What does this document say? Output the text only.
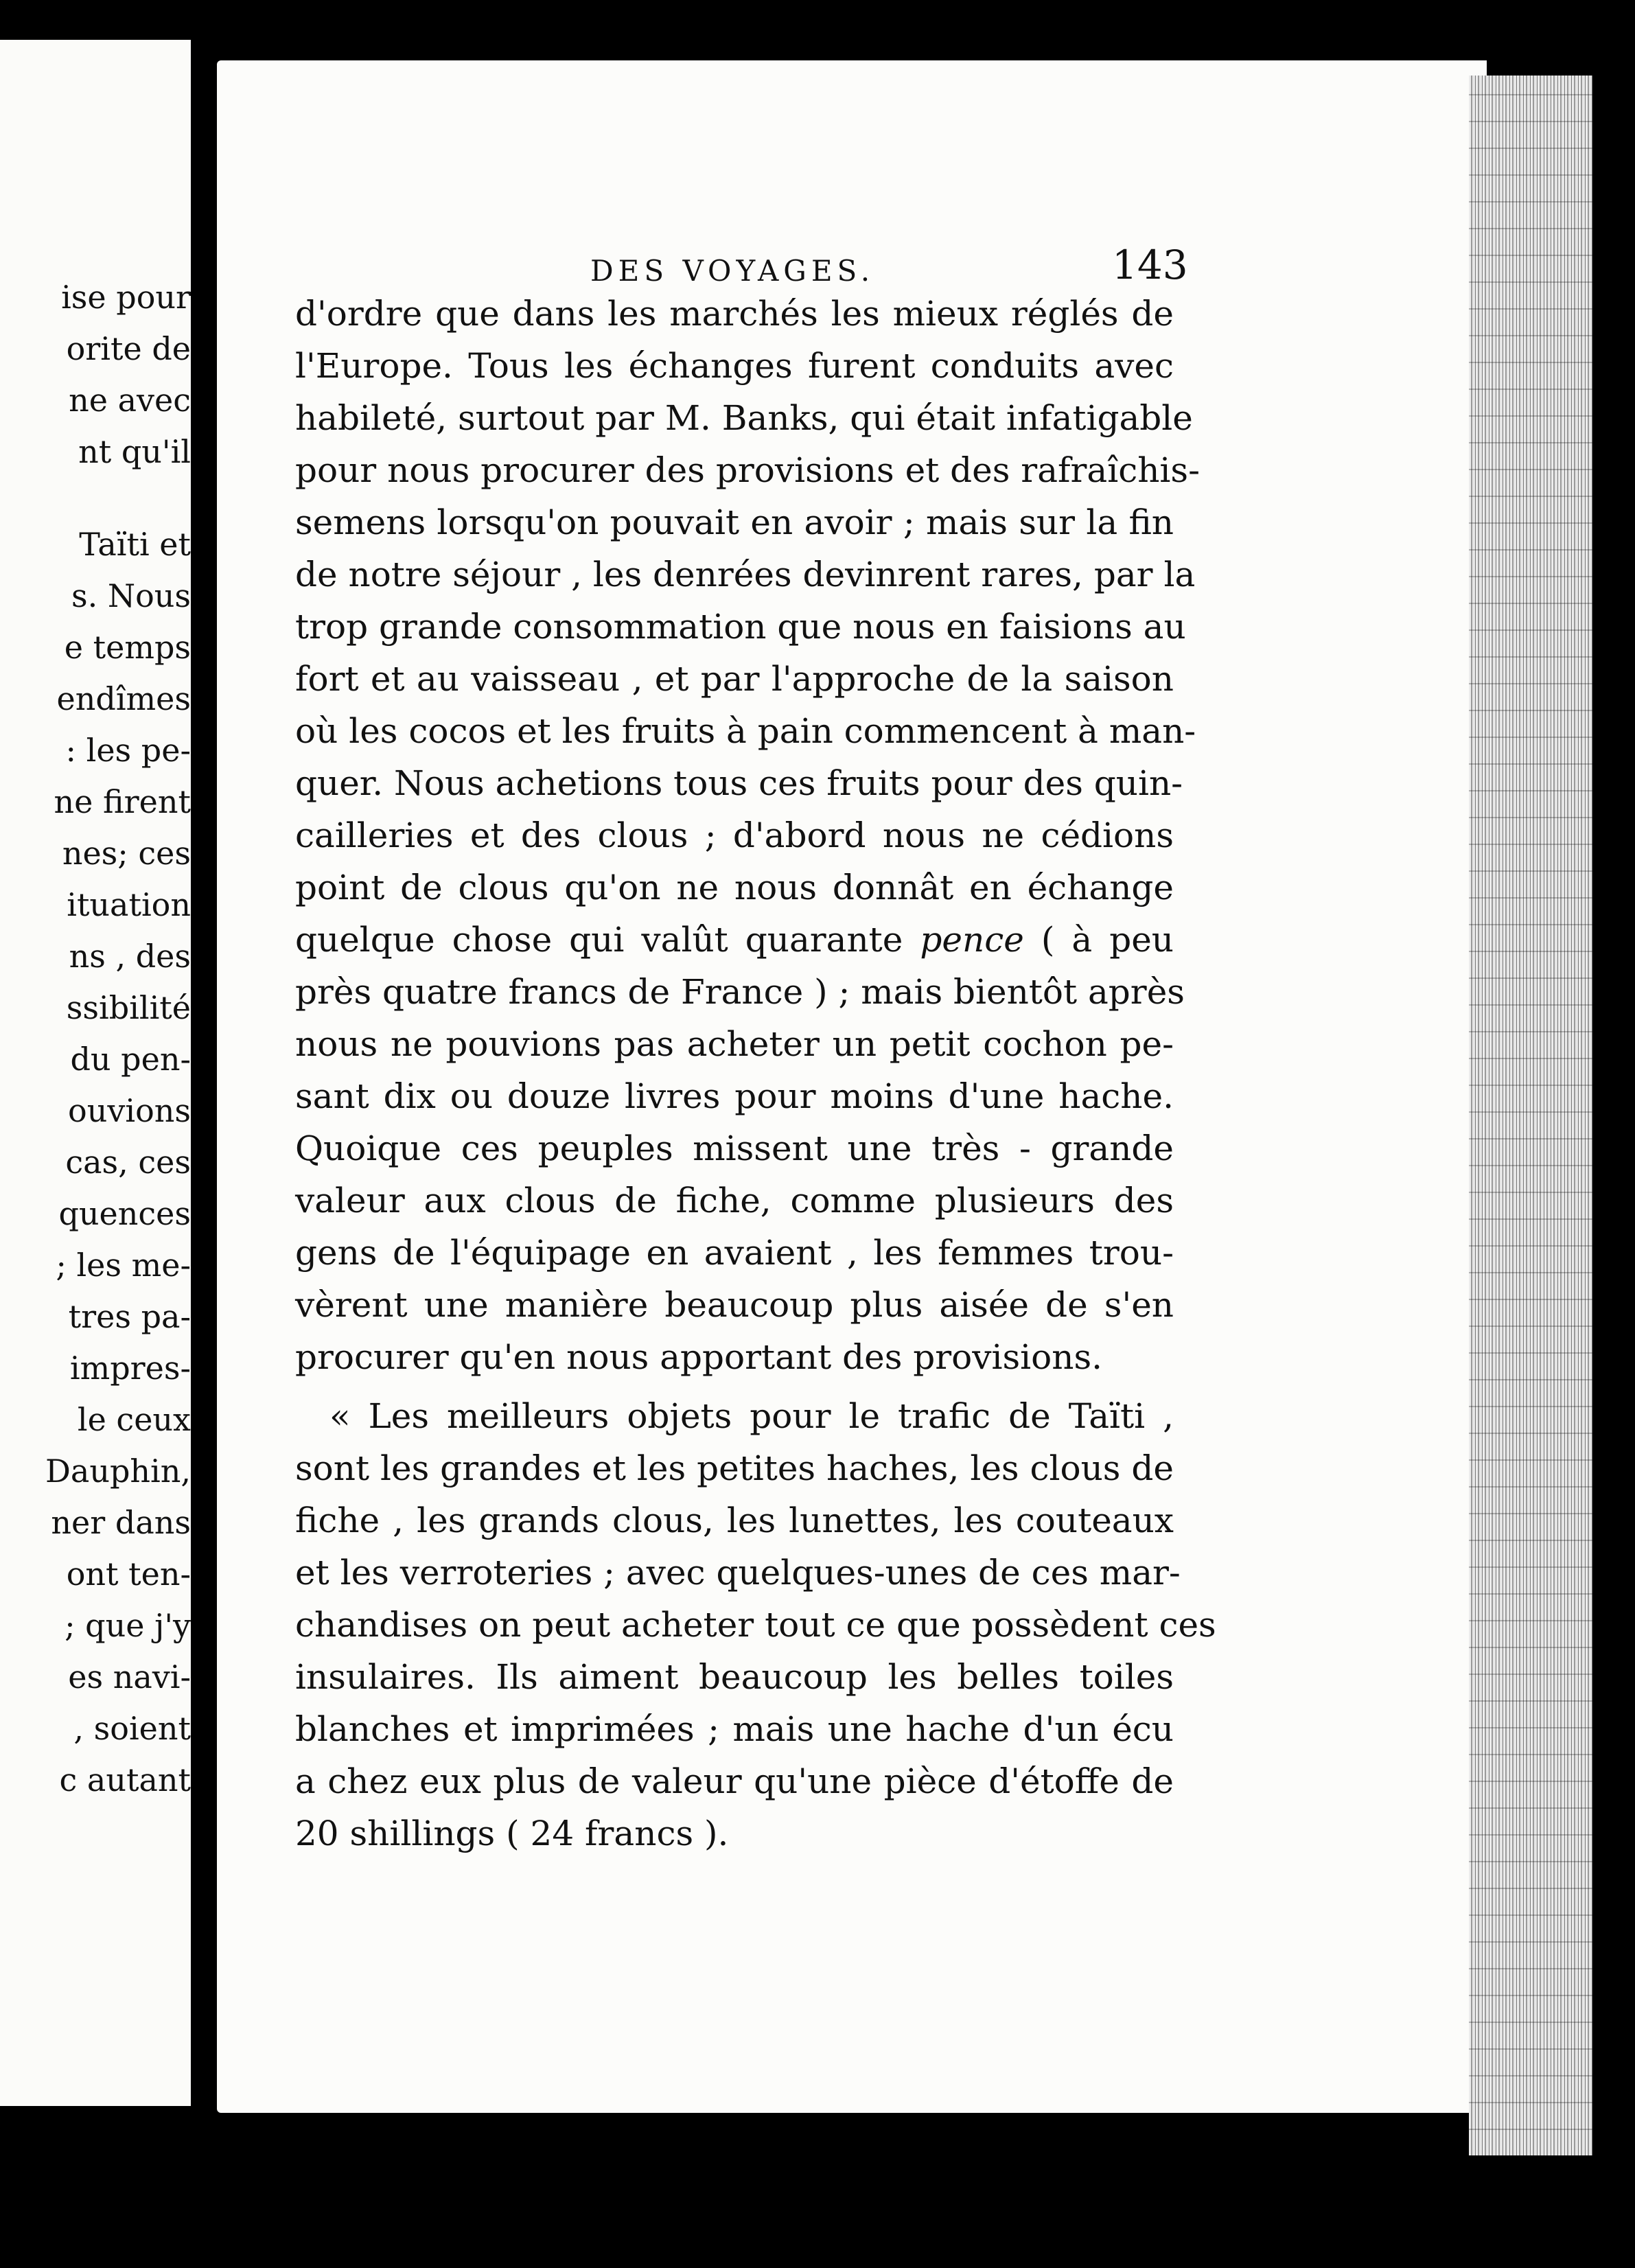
ise pour
orite de
ne avec
nt qu'il
Taïti et
s. Nous
e temps
endîmes
: les pe-
ne firent
nes; ces
ituation
ns , des
ssibilité
du pen-
ouvions
cas, ces
quences
; les me-
tres pa-
impres-
le ceux
Dauphin,
ner dans
ont ten-
; que j'y
es navi-
, soient
c autant
DES VOYAGES.	143
d'ordre que dans les marchés les mieux réglés de
l'Europe. Tous les échanges furent conduits avec
habileté, surtout par M. Banks, qui était infatigable
pour nous procurer des provisions et des rafraîchis-
semens lorsqu'on pouvait en avoir ; mais sur la fin
de notre séjour , les denrées devinrent rares, par la
trop grande consommation que nous en faisions au
fort et au vaisseau , et par l'approche de la saison
où les cocos et les fruits à pain commencent à man-
quer. Nous achetions tous ces fruits pour des quin-
cailleries et des clous ; d'abord nous ne cédions
point de clous qu'on ne nous donnât en échange
quelque chose qui valût quarante pence ( à peu
près quatre francs de France ) ; mais bientôt après
nous ne pouvions pas acheter un petit cochon pe-
sant dix ou douze livres pour moins d'une hache.
Quoique ces peuples missent une très - grande
valeur aux clous de fiche, comme plusieurs des
gens de l'équipage en avaient , les femmes trou-
vèrent une manière beaucoup plus aisée de s'en
procurer qu'en nous apportant des provisions.
« Les meilleurs objets pour le trafic de Taïti ,
sont les grandes et les petites haches, les clous de
fiche , les grands clous, les lunettes, les couteaux
et les verroteries ; avec quelques-unes de ces mar-
chandises on peut acheter tout ce que possèdent ces
insulaires. Ils aiment beaucoup les belles toiles
blanches et imprimées ; mais une hache d'un écu
a chez eux plus de valeur qu'une pièce d'étoffe de
20 shillings ( 24 francs ).
